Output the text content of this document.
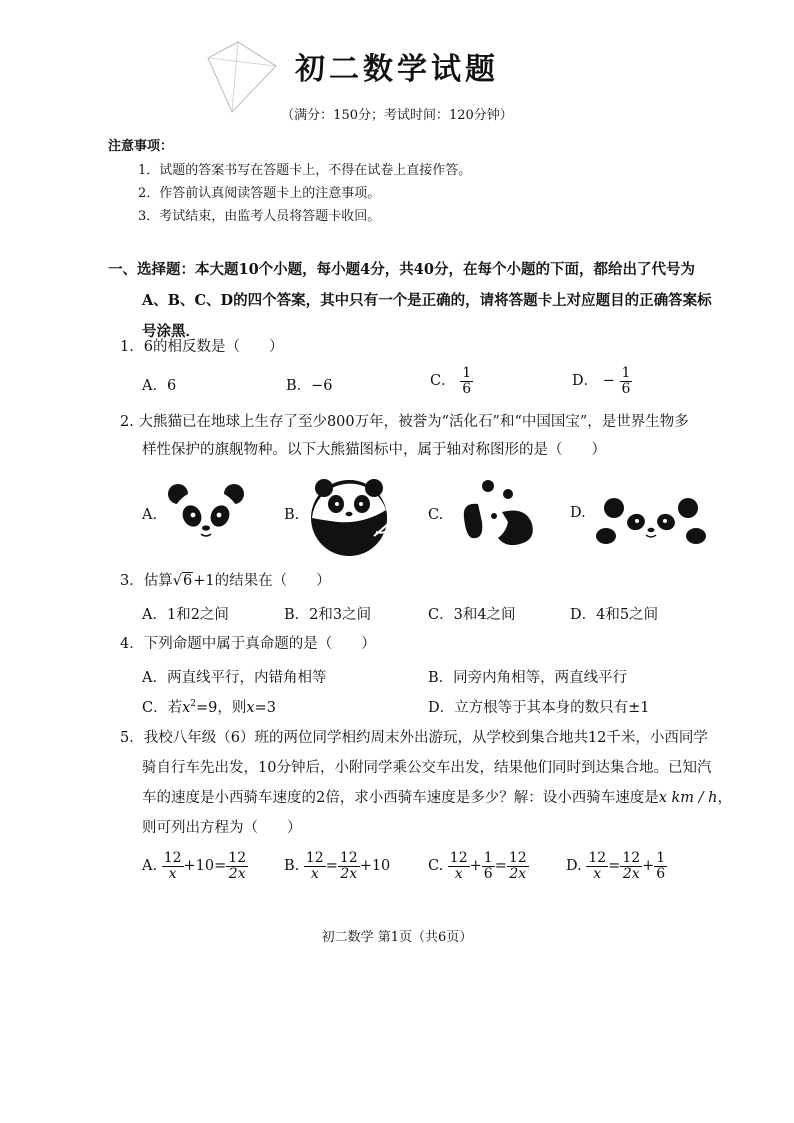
初二数学试题
（满分：150分；考试时间：120分钟）
注意事项：
1．试题的答案书写在答题卡上，不得在试卷上直接作答。
2．作答前认真阅读答题卡上的注意事项。
3．考试结束，由监考人员将答题卡收回。
一、选择题：本大题10个小题，每小题4分，共40分，在每个小题的下面，都给出了代号为
A、B、C、D的四个答案，其中只有一个是正确的，请将答题卡上对应题目的正确答案标
号涂黑．
1．6的相反数是（　　）
A．6	B．−6	C． $\frac{1}{6}$	D． − $\frac{1}{6}$
2. 大熊猫已在地球上生存了至少800万年，被誉为“活化石”和“中国国宝”，是世界生物多
样性保护的旗舰物种。以下大熊猫图标中，属于轴对称图形的是（　　）
A.	B.	C.	D.
3．估算√6+1的结果在（　　）
A．1和2之间	B．2和3之间	C．3和4之间	D．4和5之间
4．下列命题中属于真命题的是（　　）
A．两直线平行，内错角相等	B．同旁内角相等，两直线平行
C．若$x^2=9$，则x=3	D．立方根等于其本身的数只有±1
5．我校八年级（6）班的两位同学相约周末外出游玩，从学校到集合地共12千米，小西同学
骑自行车先出发，10分钟后，小附同学乘公交车出发，结果他们同时到达集合地。已知汽
车的速度是小西骑车速度的2倍，求小西骑车速度是多少？解：设小西骑车速度是x km / h，
则可列出方程为（　　）
A. $\frac{12}{x} +10= \frac{12}{2x} B$. $\frac{12}{x} = \frac{12}{2x} +10$	C. $\frac{12}{x} + \frac{1}{6} = \frac{12}{2x}$	D. $\frac{12}{x} = \frac{12}{2x} + \frac{1}{6}$
初二数学 第1页（共6页）
